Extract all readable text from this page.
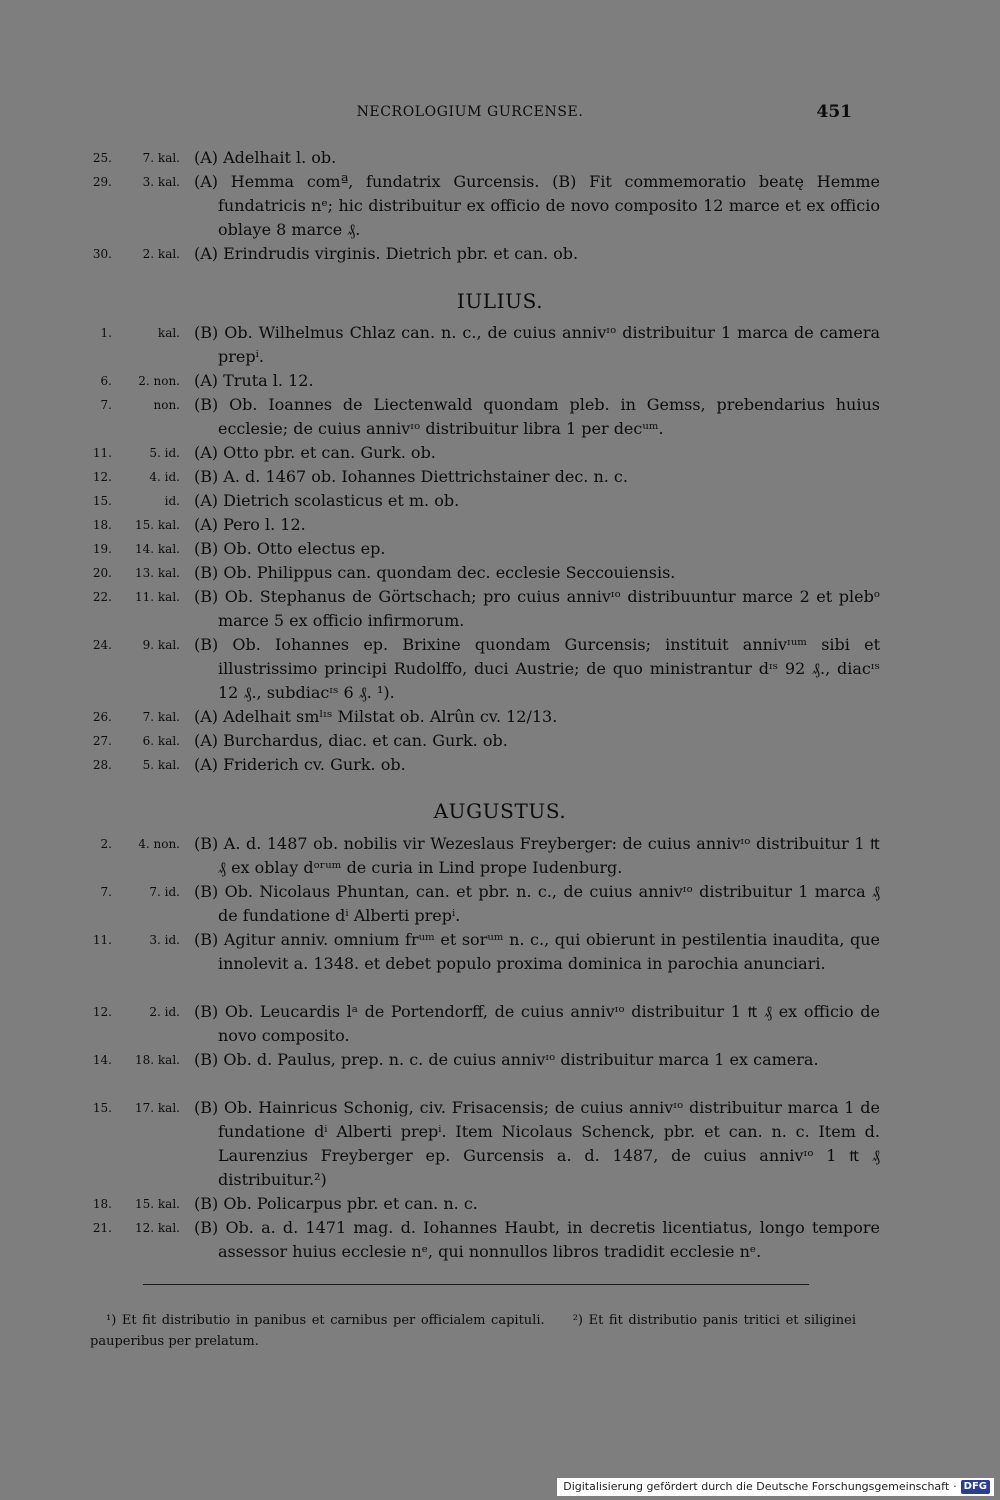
NECROLOGIUM GURCENSE.	451
25.	7. kal. (A) Adelhait l. ob.
29.	3. kal. (A) Hemma comª, fundatrix Gurcensis. (B) Fit commemoratio beatę Hemme fundatricis nᵉ; hic distribuitur ex officio de novo composito 12 marce et ex officio oblaye 8 marce ₰.
30.	2. kal. (A) Erindrudis virginis. Dietrich pbr. et can. ob.
IULIUS.
1.	kal. (B) Ob. Wilhelmus Chlaz can. n. c., de cuius annivᶦᵒ distribuitur 1 marca de camera prepⁱ.
6.	2. non. (A) Truta l. 12.
7.	non. (B) Ob. Ioannes de Liectenwald quondam pleb. in Gemss, prebendarius huius ecclesie; de cuius annivᶦᵒ distribuitur libra 1 per decᵘᵐ.
11.	5. id. (A) Otto pbr. et can. Gurk. ob.
12.	4. id. (B) A. d. 1467 ob. Iohannes Diettrichstainer dec. n. c.
15.	id. (A) Dietrich scolasticus et m. ob.
18.	15. kal. (A) Pero l. 12.
19.	14. kal. (B) Ob. Otto electus ep.
20.	13. kal. (B) Ob. Philippus can. quondam dec. ecclesie Seccouiensis.
22.	11. kal. (B) Ob. Stephanus de Görtschach; pro cuius annivᶦᵒ distribuuntur marce 2 et plebᵒ marce 5 ex officio infirmorum.
24.	9. kal. (B) Ob. Iohannes ep. Brixine quondam Gurcensis; instituit annivᶦᵘᵐ sibi et illustrissimo principi Rudolffo, duci Austrie; de quo ministrantur dᶦˢ 92 ₰., diacᶦˢ 12 ₰., subdiacᶦˢ 6 ₰. ¹).
26.	7. kal. (A) Adelhait smˡᶦˢ Milstat ob. Alrûn cv. 12/13.
27.	6. kal. (A) Burchardus, diac. et can. Gurk. ob.
28.	5. kal. (A) Friderich cv. Gurk. ob.
AUGUSTUS.
2.	4. non. (B) A. d. 1487 ob. nobilis vir Wezeslaus Freyberger: de cuius annivᶦᵒ distribuitur 1 ₶ ₰ ex oblay dᵒʳᵘᵐ de curia in Lind prope Iudenburg.
7.	7. id. (B) Ob. Nicolaus Phuntan, can. et pbr. n. c., de cuius annivᶦᵒ distribuitur 1 marca ₰ de fundatione dⁱ Alberti prepⁱ.
11.	3. id. (B) Agitur anniv. omnium frᵘᵐ et sorᵘᵐ n. c., qui obierunt in pestilentia inaudita, que innolevit a. 1348. et debet populo proxima dominica in parochia anunciari.
12.	2. id. (B) Ob. Leucardis lᵃ de Portendorff, de cuius annivᶦᵒ distribuitur 1 ₶ ₰ ex officio de novo composito.
14.	18. kal. (B) Ob. d. Paulus, prep. n. c. de cuius annivᶦᵒ distribuitur marca 1 ex camera.
15.	17. kal. (B) Ob. Hainricus Schonig, civ. Frisacensis; de cuius annivᶦᵒ distribuitur marca 1 de fundatione dⁱ Alberti prepⁱ. Item Nicolaus Schenck, pbr. et can. n. c. Item d. Laurenzius Freyberger ep. Gurcensis a. d. 1487, de cuius annivᶦᵒ 1 ₶ ₰ distribuitur.²)
18.	15. kal. (B) Ob. Policarpus pbr. et can. n. c.
21.	12. kal. (B) Ob. a. d. 1471 mag. d. Iohannes Haubt, in decretis licentiatus, longo tempore assessor huius ecclesie nᵉ, qui nonnullos libros tradidit ecclesie nᵉ.
¹) Et fit distributio in panibus et carnibus per officialem capituli. ²) Et fit distributio panis tritici et siliginei pauperibus per prelatum.
Digitalisierung gefördert durch die Deutsche Forschungsgemeinschaft · DFG
